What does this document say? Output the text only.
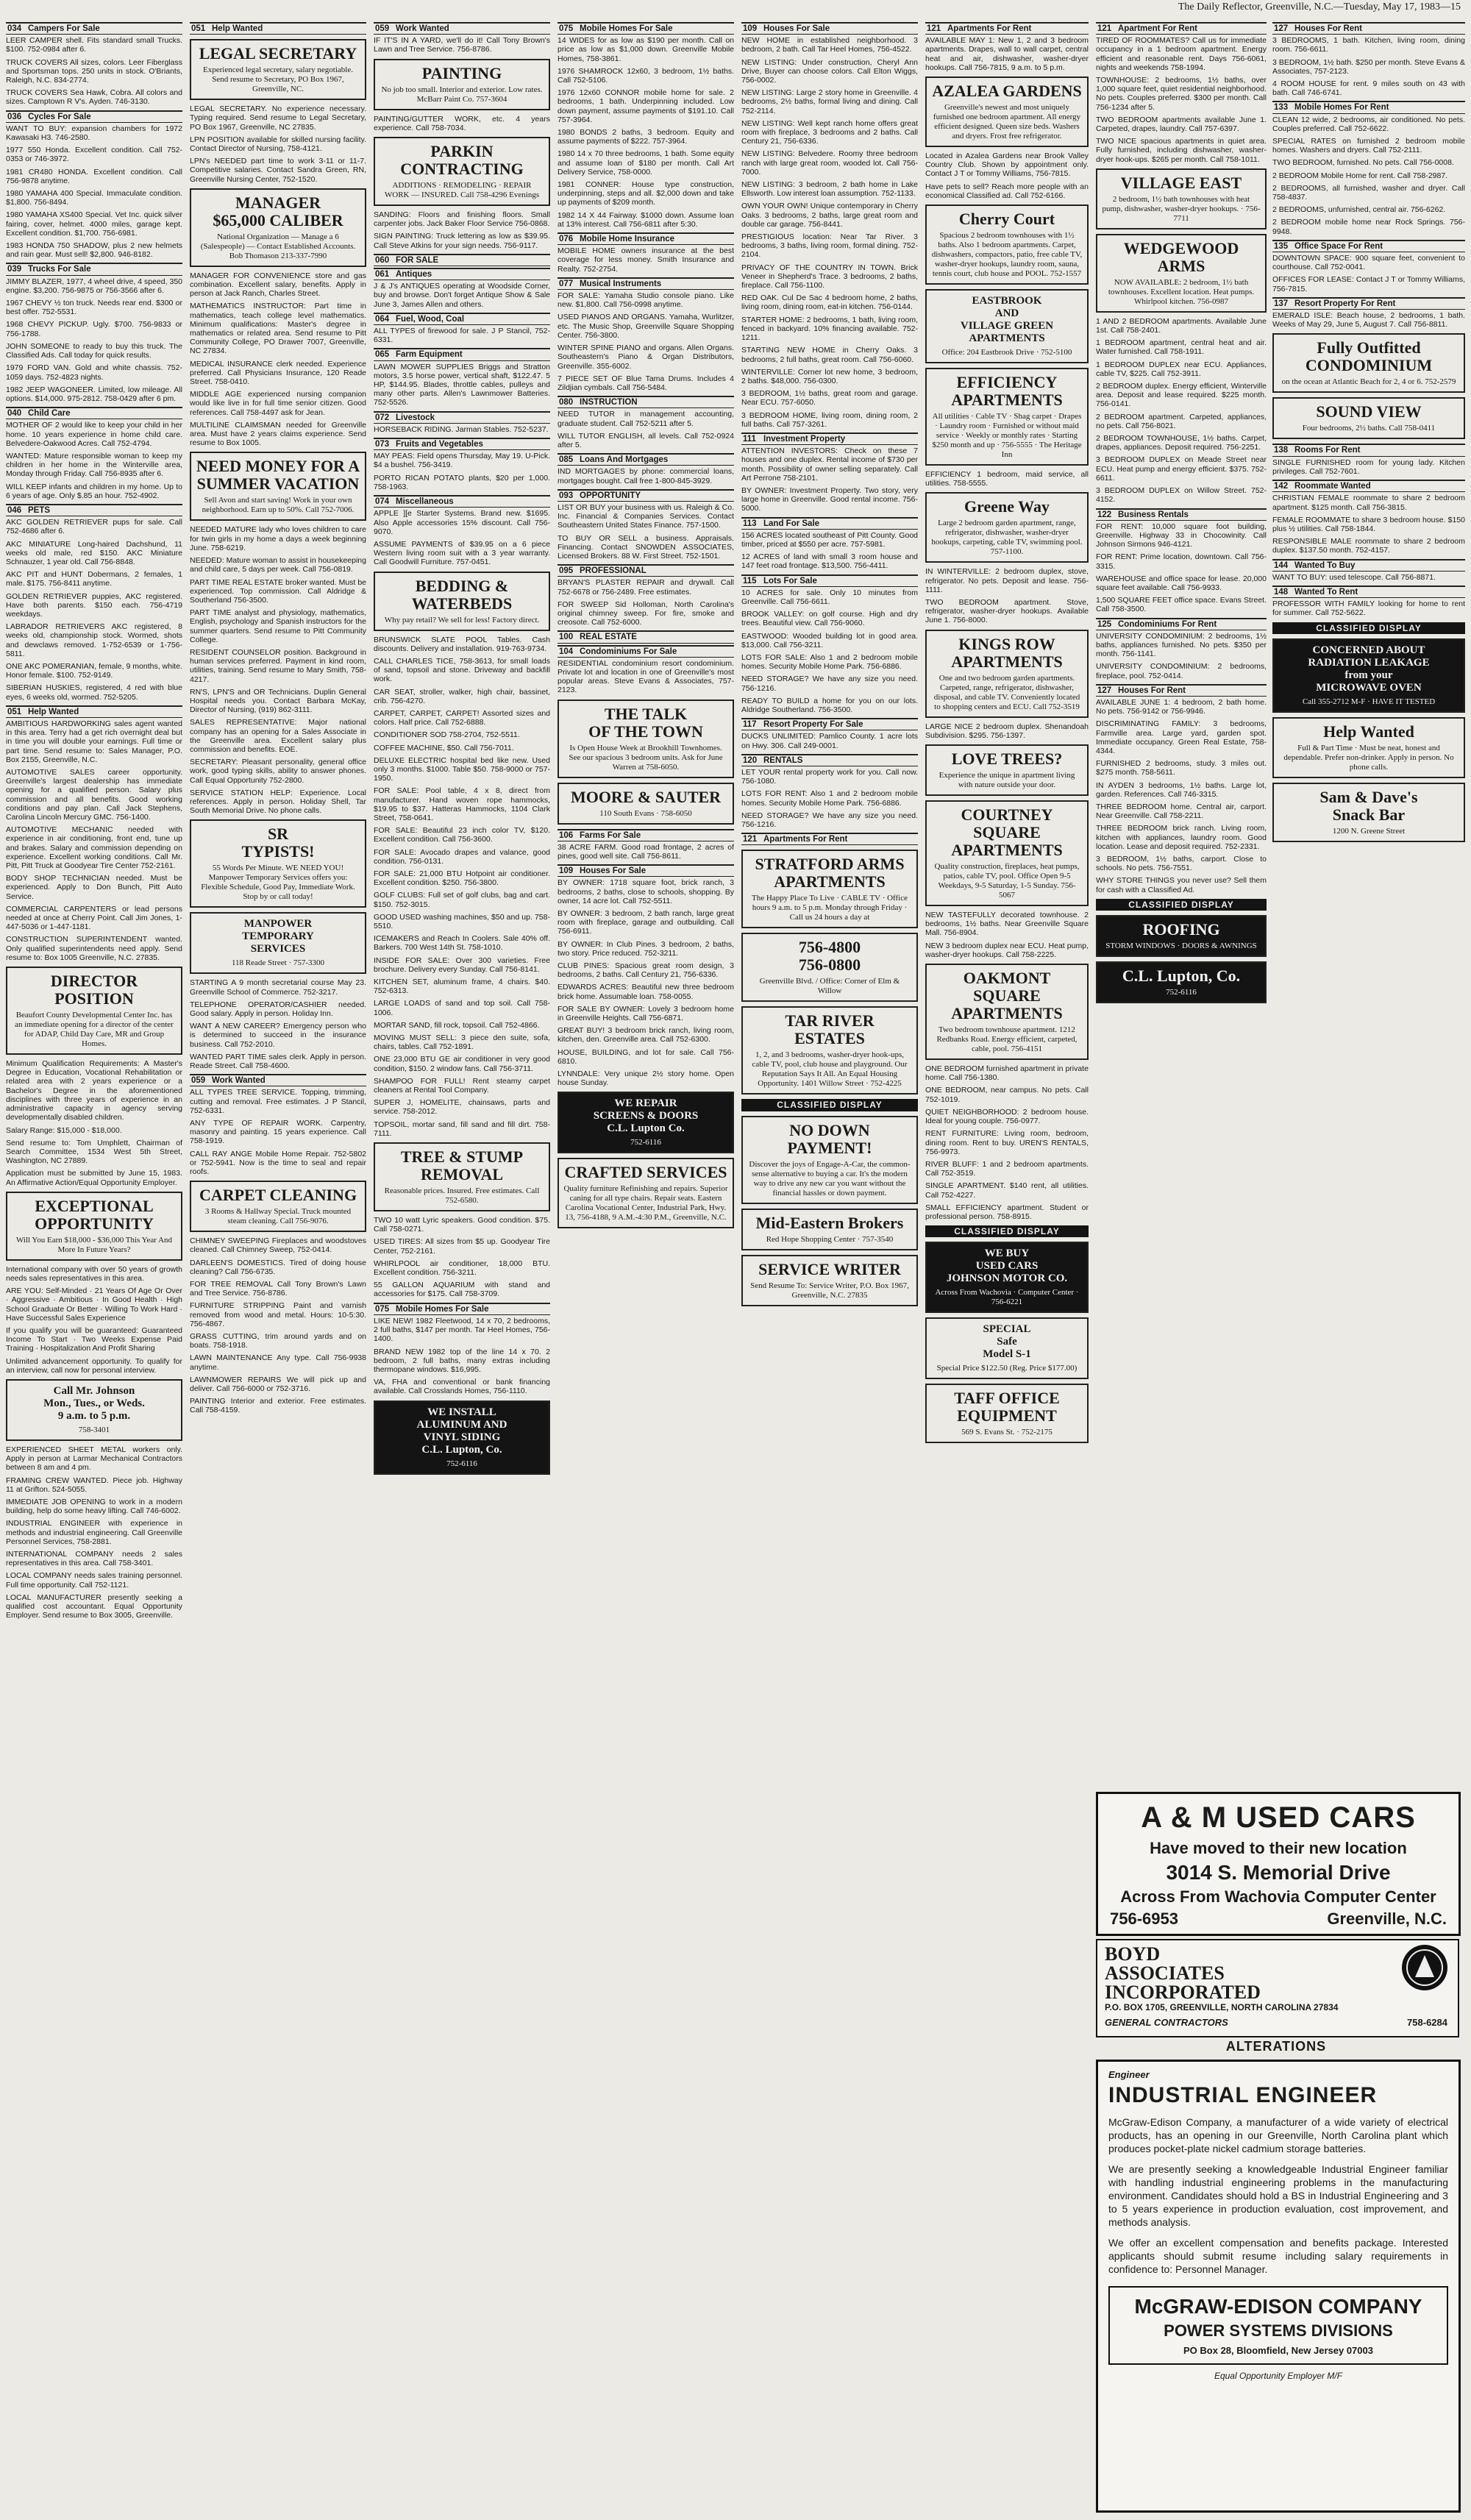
The Daily Reflector, Greenville, N.C.—Tuesday, May 17, 1983—15
034 Campers For Sale
LEER CAMPER shell. Fits standard small Trucks. $100. 752-0984 after 6.
TRUCK COVERS All sizes, colors. Leer Fiberglass and Sportsman tops. 250 units in stock. O'Briants, Raleigh, N.C. 834-2774.
TRUCK COVERS Sea Hawk, Cobra. All colors and sizes. Camptown R V's. Ayden. 746-3130.
036 Cycles For Sale
WANT TO BUY: expansion chambers for 1972 Kawasaki H3. 746-2580.
1977 550 Honda. Excellent condition. Call 752-0353 or 746-3972.
1981 CR480 HONDA. Excellent condition. Call 756-9878 anytime.
1980 YAMAHA 400 Special. Immaculate condition. $1,800. 756-8494.
1980 YAMAHA XS400 Special. Vet Inc. quick silver fairing, cover, helmet. 4000 miles, garage kept. Excellent condition. $1,700. 756-6981.
1983 HONDA 750 SHADOW, plus 2 new helmets and rain gear. Must sell! $2,800. 946-8182.
039 Trucks For Sale
JIMMY BLAZER, 1977, 4 wheel drive, 4 speed, 350 engine. $3,200. 756-9875 or 756-3566 after 6.
1967 CHEVY ½ ton truck. Needs rear end. $300 or best offer. 752-5531.
1968 CHEVY PICKUP. Ugly. $700. 756-9833 or 756-1788.
JOHN SOMEONE to ready to buy this truck. The Classified Ads. Call today for quick results.
1979 FORD VAN. Gold and white chassis. 752-1059 days. 752-4823 nights.
1982 JEEP WAGONEER. Limited, low mileage. All options. $14,000. 975-2812. 758-0429 after 6 pm.
040 Child Care
MOTHER OF 2 would like to keep your child in her home. 10 years experience in home child care. Belvedere-Oakwood Acres. Call 752-4794.
WANTED: Mature responsible woman to keep my children in her home in the Winterville area, Monday through Friday. Call 756-8935 after 6.
WILL KEEP infants and children in my home. Up to 6 years of age. Only $.85 an hour. 752-4902.
046 PETS
AKC GOLDEN RETRIEVER pups for sale. Call 752-4686 after 6.
AKC MINIATURE Long-haired Dachshund, 11 weeks old male, red $150. AKC Miniature Schnauzer, 1 year old. Call 756-8848.
AKC PIT and HUNT Dobermans, 2 females, 1 male. $175. 756-8411 anytime.
GOLDEN RETRIEVER puppies, AKC registered. Have both parents. $150 each. 756-4719 weekdays.
LABRADOR RETRIEVERS AKC registered, 8 weeks old, championship stock. Wormed, shots and dewclaws removed. 1-752-6539 or 1-756-5811.
ONE AKC POMERANIAN, female, 9 months, white. Honor female. $100. 752-9149.
SIBERIAN HUSKIES, registered, 4 red with blue eyes, 6 weeks old, wormed. 752-5205.
051 Help Wanted
AMBITIOUS HARDWORKING sales agent wanted in this area. Terry had a get rich overnight deal but in time you will double your earnings. Full time or part time. Send resume to: Sales Manager, P.O. Box 2155, Greenville, N.C.
AUTOMOTIVE SALES career opportunity. Greenville's largest dealership has immediate opening for a qualified person. Salary plus commission and all benefits. Good working conditions and pay plan. Call Jack Stephens, Carolina Lincoln Mercury GMC. 756-1400.
AUTOMOTIVE MECHANIC needed with experience in air conditioning, front end, tune up and brakes. Salary and commission depending on experience. Excellent working conditions. Call Mr. Pitt, Pitt Truck at Goodyear Tire Center 752-2161.
BODY SHOP TECHNICIAN needed. Must be experienced. Apply to Don Bunch, Pitt Auto Service.
COMMERCIAL CARPENTERS or lead persons needed at once at Cherry Point. Call Jim Jones, 1-447-5036 or 1-447-1181.
CONSTRUCTION SUPERINTENDENT wanted. Only qualified superintendents need apply. Send resume to: Box 1005 Greenville, N.C. 27835.
DIRECTOR POSITION
Beaufort County Developmental Center Inc. has an immediate opening for a director of the center for ADAP, Child Day Care, MR and Group Homes.
Minimum Qualification Requirements: A Master's Degree in Education, Vocational Rehabilitation or related area with 2 years experience or a Bachelor's Degree in the aforementioned disciplines with three years of experience in an administrative capacity in agency serving developmentally disabled children.
Salary Range: $15,000 - $18,000.
Send resume to: Tom Umphlett, Chairman of Search Committee, 1534 West 5th Street, Washington, NC 27889.
Application must be submitted by June 15, 1983. An Affirmative Action/Equal Opportunity Employer.
EXCEPTIONAL
OPPORTUNITY
Will You Earn $18,000 - $36,000 This Year And More In Future Years?
International company with over 50 years of growth needs sales representatives in this area.
ARE YOU: Self-Minded · 21 Years Of Age Or Over · Aggressive · Ambitious · In Good Health · High School Graduate Or Better · Willing To Work Hard · Have Successful Sales Experience
If you qualify you will be guaranteed: Guaranteed Income To Start · Two Weeks Expense Paid Training · Hospitalization And Profit Sharing
Unlimited advancement opportunity. To qualify for an interview, call now for personal interview.
Call Mr. Johnson
Mon., Tues., or Weds.
9 a.m. to 5 p.m.
758-3401
EXPERIENCED SHEET METAL workers only. Apply in person at Larmar Mechanical Contractors between 8 am and 4 pm.
FRAMING CREW WANTED. Piece job. Highway 11 at Grifton. 524-5055.
IMMEDIATE JOB OPENING to work in a modern building, help do some heavy lifting. Call 746-6002.
INDUSTRIAL ENGINEER with experience in methods and industrial engineering. Call Greenville Personnel Services, 758-2881.
INTERNATIONAL COMPANY needs 2 sales representatives in this area. Call 758-3401.
LOCAL COMPANY needs sales training personnel. Full time opportunity. Call 752-1121.
LOCAL MANUFACTURER presently seeking a qualified cost accountant. Equal Opportunity Employer. Send resume to Box 3005, Greenville.
051 Help Wanted
LEGAL SECRETARY
Experienced legal secretary, salary negotiable. Send resume to Secretary, PO Box 1967, Greenville, NC.
LEGAL SECRETARY. No experience necessary. Typing required. Send resume to Legal Secretary, PO Box 1967, Greenville, NC 27835.
LPN POSITION available for skilled nursing facility. Contact Director of Nursing, 758-4121.
LPN's NEEDED part time to work 3-11 or 11-7. Competitive salaries. Contact Sandra Green, RN, Greenville Nursing Center, 752-1520.
MANAGER
$65,000 CALIBER
National Organization — Manage a 6 (Salespeople) — Contact Established Accounts. Bob Thomason 213-337-7990
MANAGER FOR CONVENIENCE store and gas combination. Excellent salary, benefits. Apply in person at Jack Ranch, Charles Street.
MATHEMATICS INSTRUCTOR: Part time in mathematics, teach college level mathematics. Minimum qualifications: Master's degree in mathematics or related area. Send resume to Pitt Community College, PO Drawer 7007, Greenville, NC 27834.
MEDICAL INSURANCE clerk needed. Experience preferred. Call Physicians Insurance, 120 Reade Street. 758-0410.
MIDDLE AGE experienced nursing companion would like live in for full time senior citizen. Good references. Call 758-4497 ask for Jean.
MULTILINE CLAIMSMAN needed for Greenville area. Must have 2 years claims experience. Send resume to Box 1005.
NEED MONEY FOR A
SUMMER VACATION
Sell Avon and start saving! Work in your own neighborhood. Earn up to 50%. Call 752-7006.
NEEDED MATURE lady who loves children to care for twin girls in my home a days a week beginning June. 758-6219.
NEEDED: Mature woman to assist in housekeeping and child care, 5 days per week. Call 756-0819.
PART TIME REAL ESTATE broker wanted. Must be experienced. Top commission. Call Aldridge & Southerland 756-3500.
PART TIME analyst and physiology, mathematics, English, psychology and Spanish instructors for the summer quarters. Send resume to Pitt Community College.
RESIDENT COUNSELOR position. Background in human services preferred. Payment in kind room, utilities, training. Send resume to Mary Smith, 758-4217.
RN'S, LPN'S and OR Technicians. Duplin General Hospital needs you. Contact Barbara McKay, Director of Nursing, (919) 862-3111.
SALES REPRESENTATIVE: Major national company has an opening for a Sales Associate in the Greenville area. Excellent salary plus commission and benefits. EOE.
SECRETARY: Pleasant personality, general office work, good typing skills, ability to answer phones. Call Equal Opportunity 752-2800.
SERVICE STATION HELP: Experience. Local references. Apply in person. Holiday Shell, Tar South Memorial Drive. No phone calls.
SR
TYPISTS!
55 Words Per Minute. WE NEED YOU! Manpower Temporary Services offers you: Flexible Schedule, Good Pay, Immediate Work. Stop by or call today!
MANPOWER
TEMPORARY
SERVICES
118 Reade Street · 757-3300
STARTING A 9 month secretarial course May 23. Greenville School of Commerce. 752-3217.
TELEPHONE OPERATOR/CASHIER needed. Good salary. Apply in person. Holiday Inn.
WANT A NEW CAREER? Emergency person who is determined to succeed in the insurance business. Call 752-2010.
WANTED PART TIME sales clerk. Apply in person. Reade Street. Call 758-4600.
059 Work Wanted
ALL TYPES TREE SERVICE. Topping, trimming, cutting and removal. Free estimates. J P Stancil, 752-6331.
ANY TYPE OF REPAIR WORK. Carpentry, masonry and painting. 15 years experience. Call 758-1919.
CALL RAY ANGE Mobile Home Repair. 752-5802 or 752-5941. Now is the time to seal and repair roofs.
CARPET CLEANING
3 Rooms & Hallway Special. Truck mounted steam cleaning. Call 756-9076.
CHIMNEY SWEEPING Fireplaces and woodstoves cleaned. Call Chimney Sweep, 752-0414.
DARLEEN'S DOMESTICS. Tired of doing house cleaning? Call 756-6735.
FOR TREE REMOVAL Call Tony Brown's Lawn and Tree Service. 756-8786.
FURNITURE STRIPPING Paint and varnish removed from wood and metal. Hours: 10-5:30. 756-4867.
GRASS CUTTING, trim around yards and on boats. 758-1918.
LAWN MAINTENANCE Any type. Call 756-9938 anytime.
LAWNMOWER REPAIRS We will pick up and deliver. Call 756-6000 or 752-3716.
PAINTING Interior and exterior. Free estimates. Call 758-4159.
059 Work Wanted
IF IT'S IN A YARD, we'll do it! Call Tony Brown's Lawn and Tree Service. 756-8786.
PAINTING
No job too small. Interior and exterior. Low rates. McBarr Paint Co. 757-3604
PAINTING/GUTTER WORK, etc. 4 years experience. Call 758-7034.
PARKIN CONTRACTING
ADDITIONS · REMODELING · REPAIR WORK — INSURED. Call 758-4296 Evenings
SANDING: Floors and finishing floors. Small carpenter jobs. Jack Baker Floor Service 756-0868.
SIGN PAINTING: Truck lettering as low as $39.95. Call Steve Atkins for your sign needs. 756-9117.
060 FOR SALE
061 Antiques
J & J's ANTIQUES operating at Woodside Corner, buy and browse. Don't forget Antique Show & Sale June 3, James Allen and others.
064 Fuel, Wood, Coal
ALL TYPES of firewood for sale. J P Stancil, 752-6331.
065 Farm Equipment
LAWN MOWER SUPPLIES Briggs and Stratton motors, 3.5 horse power, vertical shaft, $122.47. 5 HP, $144.95. Blades, throttle cables, pulleys and many other parts. Allen's Lawnmower Batteries. 752-5526.
072 Livestock
HORSEBACK RIDING. Jarman Stables. 752-5237.
073 Fruits and Vegetables
MAY PEAS: Field opens Thursday, May 19. U-Pick. $4 a bushel. 756-3419.
PORTO RICAN POTATO plants, $20 per 1,000. 758-1963.
074 Miscellaneous
APPLE ][e Starter Systems. Brand new. $1695. Also Apple accessories 15% discount. Call 756-9070.
ASSUME PAYMENTS of $39.95 on a 6 piece Western living room suit with a 3 year warranty. Call Goodwill Furniture. 757-0451.
BEDDING & WATERBEDS
Why pay retail? We sell for less! Factory direct.
BRUNSWICK SLATE POOL Tables. Cash discounts. Delivery and installation. 919-763-9734.
CALL CHARLES TICE, 758-3613, for small loads of sand, topsoil and stone. Driveway and backfill work.
CAR SEAT, stroller, walker, high chair, bassinet, crib. 756-4270.
CARPET, CARPET, CARPET! Assorted sizes and colors. Half price. Call 752-6888.
CONDITIONER SOD 758-2704, 752-5511.
COFFEE MACHINE, $50. Call 756-7011.
DELUXE ELECTRIC hospital bed like new. Used only 3 months. $1000. Table $50. 758-9000 or 757-1950.
FOR SALE: Pool table, 4 x 8, direct from manufacturer. Hand woven rope hammocks, $19.95 to $37. Hatteras Hammocks, 1104 Clark Street, 758-0641.
FOR SALE: Beautiful 23 inch color TV, $120. Excellent condition. Call 756-3600.
FOR SALE: Avocado drapes and valance, good condition. 756-0131.
FOR SALE: 21,000 BTU Hotpoint air conditioner. Excellent condition. $250. 756-3800.
GOLF CLUBS: Full set of golf clubs, bag and cart. $150. 752-3015.
GOOD USED washing machines, $50 and up. 758-5510.
ICEMAKERS and Reach In Coolers. Sale 40% off. Barkers. 700 West 14th St. 758-1010.
INSIDE FOR SALE: Over 300 varieties. Free brochure. Delivery every Sunday. Call 756-8141.
KITCHEN SET, aluminum frame, 4 chairs. $40. 752-6313.
LARGE LOADS of sand and top soil. Call 758-1006.
MORTAR SAND, fill rock, topsoil. Call 752-4866.
MOVING MUST SELL: 3 piece den suite, sofa, chairs, tables. Call 752-1891.
ONE 23,000 BTU GE air conditioner in very good condition, $150. 2 window fans. Call 756-3711.
SHAMPOO FOR FULL! Rent steamy carpet cleaners at Rental Tool Company.
SUPER J, HOMELITE, chainsaws, parts and service. 758-2012.
TOPSOIL, mortar sand, fill sand and fill dirt. 758-7111.
TREE & STUMP REMOVAL
Reasonable prices. Insured. Free estimates. Call 752-6580.
TWO 10 watt Lyric speakers. Good condition. $75. Call 758-0271.
USED TIRES: All sizes from $5 up. Goodyear Tire Center, 752-2161.
WHIRLPOOL air conditioner, 18,000 BTU. Excellent condition. 756-3211.
55 GALLON AQUARIUM with stand and accessories for $175. Call 758-3709.
075 Mobile Homes For Sale
LIKE NEW! 1982 Fleetwood, 14 x 70, 2 bedrooms, 2 full baths, $147 per month. Tar Heel Homes, 756-1400.
BRAND NEW 1982 top of the line 14 x 70. 2 bedroom, 2 full baths, many extras including thermopane windows. $16,995.
VA, FHA and conventional or bank financing available. Call Crosslands Homes, 756-1110.
WE INSTALL
ALUMINUM AND
VINYL SIDING
C.L. Lupton, Co.
752-6116
075 Mobile Homes For Sale
14 WIDES for as low as $190 per month. Call on price as low as $1,000 down. Greenville Mobile Homes, 758-3861.
1976 SHAMROCK 12x60, 3 bedroom, 1½ baths. Call 752-5106.
1976 12x60 CONNOR mobile home for sale. 2 bedrooms, 1 bath. Underpinning included. Low down payment, assume payments of $191.10. Call 757-3964.
1980 BONDS 2 baths, 3 bedroom. Equity and assume payments of $222. 757-3964.
1980 14 x 70 three bedrooms, 1 bath. Some equity and assume loan of $180 per month. Call Art Delivery Service, 758-0000.
1981 CONNER: House type construction, underpinning, steps and all. $2,000 down and take up payments of $209 month.
1982 14 X 44 Fairway. $1000 down. Assume loan at 13% interest. Call 756-6811 after 5:30.
076 Mobile Home Insurance
MOBILE HOME owners insurance at the best coverage for less money. Smith Insurance and Realty. 752-2754.
077 Musical Instruments
FOR SALE: Yamaha Studio console piano. Like new. $1,800. Call 756-0998 anytime.
USED PIANOS AND ORGANS. Yamaha, Wurlitzer, etc. The Music Shop, Greenville Square Shopping Center. 756-3800.
WINTER SPINE PIANO and organs. Allen Organs. Southeastern's Piano & Organ Distributors, Greenville. 355-6002.
7 PIECE SET OF Blue Tama Drums. Includes 4 Zildjian cymbals. Call 756-5484.
080 INSTRUCTION
NEED TUTOR in management accounting, graduate student. Call 752-5211 after 5.
WILL TUTOR ENGLISH, all levels. Call 752-0924 after 5.
085 Loans And Mortgages
IND MORTGAGES by phone: commercial loans, mortgages bought. Call free 1-800-845-3929.
093 OPPORTUNITY
LIST OR BUY your business with us. Raleigh & Co. Inc. Financial & Companies Services. Contact Southeastern United States Finance. 757-1500.
TO BUY OR SELL a business. Appraisals. Financing. Contact SNOWDEN ASSOCIATES, Licensed Brokers. 88 W. First Street. 752-1501.
095 PROFESSIONAL
BRYAN'S PLASTER REPAIR and drywall. Call 752-6678 or 756-2489. Free estimates.
FOR SWEEP Sid Holloman, North Carolina's original chimney sweep. For fire, smoke and creosote. Call 752-6000.
100 REAL ESTATE
104 Condominiums For Sale
RESIDENTIAL condominium resort condominium. Private lot and location in one of Greenville's most popular areas. Steve Evans & Associates, 757-2123.
THE TALK
OF THE TOWN
Is Open House Week at Brookhill Townhomes. See our spacious 3 bedroom units. Ask for June Warren at 758-6050.
MOORE & SAUTER
110 South Evans · 758-6050
106 Farms For Sale
38 ACRE FARM. Good road frontage, 2 acres of pines, good well site. Call 756-8611.
109 Houses For Sale
BY OWNER: 1718 square foot, brick ranch, 3 bedrooms, 2 baths, close to schools, shopping. By owner, 14 acre lot. Call 752-5511.
BY OWNER: 3 bedroom, 2 bath ranch, large great room with fireplace, garage and outbuilding. Call 756-6911.
BY OWNER: In Club Pines. 3 bedroom, 2 baths, two story. Price reduced. 752-3211.
CLUB PINES: Spacious great room design, 3 bedrooms, 2 baths. Call Century 21, 756-6336.
EDWARDS ACRES: Beautiful new three bedroom brick home. Assumable loan. 758-0055.
FOR SALE BY OWNER: Lovely 3 bedroom home in Greenville Heights. Call 756-6871.
GREAT BUY! 3 bedroom brick ranch, living room, kitchen, den. Greenville area. Call 752-6300.
HOUSE, BUILDING, and lot for sale. Call 756-6810.
LYNNDALE: Very unique 2½ story home. Open house Sunday.
WE REPAIR
SCREENS & DOORS
C.L. Lupton Co.
752-6116
CRAFTED SERVICES
Quality furniture Refinishing and repairs. Superior caning for all type chairs. Repair seats. Eastern Carolina Vocational Center, Industrial Park, Hwy. 13, 756-4188, 9 A.M.-4:30 P.M., Greenville, N.C.
109 Houses For Sale
NEW HOME in established neighborhood. 3 bedroom, 2 bath. Call Tar Heel Homes, 756-4522.
NEW LISTING: Under construction, Cheryl Ann Drive, Buyer can choose colors. Call Elton Wiggs, 756-0002.
NEW LISTING: Large 2 story home in Greenville. 4 bedrooms, 2½ baths, formal living and dining. Call 752-2114.
NEW LISTING: Well kept ranch home offers great room with fireplace, 3 bedrooms and 2 baths. Call Century 21, 756-6336.
NEW LISTING: Belvedere. Roomy three bedroom ranch with large great room, wooded lot. Call 756-7000.
NEW LISTING: 3 bedroom, 2 bath home in Lake Ellsworth. Low interest loan assumption. 752-1133.
OWN YOUR OWN! Unique contemporary in Cherry Oaks. 3 bedrooms, 2 baths, large great room and double car garage. 756-8441.
PRESTIGIOUS location: Near Tar River. 3 bedrooms, 3 baths, living room, formal dining. 752-2104.
PRIVACY OF THE COUNTRY IN TOWN. Brick Veneer in Shepherd's Trace. 3 bedrooms, 2 baths, fireplace. Call 756-1100.
RED OAK. Cul De Sac 4 bedroom home, 2 baths, living room, dining room, eat-in kitchen. 756-0144.
STARTER HOME: 2 bedrooms, 1 bath, living room, fenced in backyard. 10% financing available. 752-1211.
STARTING NEW HOME in Cherry Oaks. 3 bedrooms, 2 full baths, great room. Call 756-6060.
WINTERVILLE: Corner lot new home, 3 bedroom, 2 baths. $48,000. 756-0300.
3 BEDROOM, 1½ baths, great room and garage. Near ECU. 757-6050.
3 BEDROOM HOME, living room, dining room, 2 full baths. Call 757-3261.
111 Investment Property
ATTENTION INVESTORS: Check on these 7 houses and one duplex. Rental income of $730 per month. Possibility of owner selling separately. Call Art Perrone 758-2101.
BY OWNER: Investment Property. Two story, very large home in Greenville. Good rental income. 756-5000.
113 Land For Sale
156 ACRES located southeast of Pitt County. Good timber, priced at $550 per acre. 757-5981.
12 ACRES of land with small 3 room house and 147 feet road frontage. $13,500. 756-4411.
115 Lots For Sale
10 ACRES for sale. Only 10 minutes from Greenville. Call 756-6611.
BROOK VALLEY: on golf course. High and dry trees. Beautiful view. Call 756-9060.
EASTWOOD: Wooded building lot in good area. $13,000. Call 756-3211.
LOTS FOR SALE: Also 1 and 2 bedroom mobile homes. Security Mobile Home Park. 756-6886.
NEED STORAGE? We have any size you need. 756-1216.
READY TO BUILD a home for you on our lots. Aldridge Southerland. 756-3500.
117 Resort Property For Sale
DUCKS UNLIMITED: Pamlico County. 1 acre lots on Hwy. 306. Call 249-0001.
120 RENTALS
LET YOUR rental property work for you. Call now. 756-1080.
LOTS FOR RENT: Also 1 and 2 bedroom mobile homes. Security Mobile Home Park. 756-6886.
NEED STORAGE? We have any size you need. 756-1216.
121 Apartments For Rent
STRATFORD ARMS
APARTMENTS
The Happy Place To Live · CABLE TV · Office hours 9 a.m. to 5 p.m. Monday through Friday · Call us 24 hours a day at
756-4800
756-0800
Greenville Blvd. / Office: Corner of Elm & Willow
TAR RIVER
ESTATES
1, 2, and 3 bedrooms, washer-dryer hook-ups, cable TV, pool, club house and playground. Our Reputation Says It All. An Equal Housing Opportunity. 1401 Willow Street · 752-4225
CLASSIFIED DISPLAY
NO DOWN PAYMENT!
Discover the joys of Engage-A-Car, the common-sense alternative to buying a car. It's the modern way to drive any new car you want without the financial hassles or down payment.
Mid-Eastern Brokers
Red Hope Shopping Center · 757-3540
SERVICE WRITER
Send Resume To: Service Writer, P.O. Box 1967, Greenville, N.C. 27835
121 Apartments For Rent
AVAILABLE MAY 1: New 1, 2 and 3 bedroom apartments. Drapes, wall to wall carpet, central heat and air, dishwasher, washer-dryer hookups. Call 756-7815, 9 a.m. to 5 p.m.
AZALEA GARDENS
Greenville's newest and most uniquely furnished one bedroom apartment. All energy efficient designed. Queen size beds. Washers and dryers. Frost free refrigerator.
Located in Azalea Gardens near Brook Valley Country Club. Shown by appointment only. Contact J T or Tommy Williams, 756-7815.
Have pets to sell? Reach more people with an economical Classified ad. Call 752-6166.
Cherry Court
Spacious 2 bedroom townhouses with 1½ baths. Also 1 bedroom apartments. Carpet, dishwashers, compactors, patio, free cable TV, washer-dryer hookups, laundry room, sauna, tennis court, club house and POOL. 752-1557
EASTBROOK
AND
VILLAGE GREEN
APARTMENTS
Office: 204 Eastbrook Drive · 752-5100
EFFICIENCY APARTMENTS
All utilities · Cable TV · Shag carpet · Drapes · Laundry room · Furnished or without maid service · Weekly or monthly rates · Starting $250 month and up · 756-5555 · The Heritage Inn
EFFICIENCY 1 bedroom, maid service, all utilities. 758-5555.
Greene Way
Large 2 bedroom garden apartment, range, refrigerator, dishwasher, washer-dryer hookups, carpeting, cable TV, swimming pool. 757-1100.
IN WINTERVILLE: 2 bedroom duplex, stove, refrigerator. No pets. Deposit and lease. 756-1111.
TWO BEDROOM apartment. Stove, refrigerator, washer-dryer hookups. Available June 1. 756-8000.
KINGS ROW
APARTMENTS
One and two bedroom garden apartments. Carpeted, range, refrigerator, dishwasher, disposal, and cable TV. Conveniently located to shopping centers and ECU. Call 752-3519
LARGE NICE 2 bedroom duplex. Shenandoah Subdivision. $295. 756-1397.
LOVE TREES?
Experience the unique in apartment living with nature outside your door.
COURTNEY SQUARE
APARTMENTS
Quality construction, fireplaces, heat pumps, patios, cable TV, pool. Office Open 9-5 Weekdays, 9-5 Saturday, 1-5 Sunday. 756-5067
NEW TASTEFULLY decorated townhouse. 2 bedrooms, 1½ baths. Near Greenville Square Mall. 756-8904.
NEW 3 bedroom duplex near ECU. Heat pump, washer-dryer hookups. Call 758-2225.
OAKMONT SQUARE
APARTMENTS
Two bedroom townhouse apartment. 1212 Redbanks Road. Energy efficient, carpeted, cable, pool. 756-4151
ONE BEDROOM furnished apartment in private home. Call 756-1380.
ONE BEDROOM, near campus. No pets. Call 752-1019.
QUIET NEIGHBORHOOD: 2 bedroom house. Ideal for young couple. 756-0977.
RENT FURNITURE: Living room, bedroom, dining room. Rent to buy. UREN'S RENTALS, 756-9973.
RIVER BLUFF: 1 and 2 bedroom apartments. Call 752-3519.
SINGLE APARTMENT. $140 rent, all utilities. Call 752-4227.
SMALL EFFICIENCY apartment. Student or professional person. 758-8915.
CLASSIFIED DISPLAY
WE BUY
USED CARS
JOHNSON MOTOR CO.
Across From Wachovia · Computer Center · 756-6221
SPECIAL
Safe
Model S-1
Special Price $122.50 (Reg. Price $177.00)
TAFF OFFICE
EQUIPMENT
569 S. Evans St. · 752-2175
121 Apartment For Rent
TIRED OF ROOMMATES? Call us for immediate occupancy in a 1 bedroom apartment. Energy efficient and reasonable rent. Days 756-6061, nights and weekends 758-1994.
TOWNHOUSE: 2 bedrooms, 1½ baths, over 1,000 square feet, quiet residential neighborhood. No pets. Couples preferred. $300 per month. Call 756-1234 after 5.
TWO BEDROOM apartments available June 1. Carpeted, drapes, laundry. Call 757-6397.
TWO NICE spacious apartments in quiet area. Fully furnished, including dishwasher, washer-dryer hook-ups. $265 per month. Call 758-1011.
VILLAGE EAST
2 bedroom, 1½ bath townhouses with heat pump, dishwasher, washer-dryer hookups. · 756-7711
WEDGEWOOD ARMS
NOW AVAILABLE: 2 bedroom, 1½ bath townhouses. Excellent location. Heat pumps. Whirlpool kitchen. 756-0987
1 AND 2 BEDROOM apartments. Available June 1st. Call 758-2401.
1 BEDROOM apartment, central heat and air. Water furnished. Call 758-1911.
1 BEDROOM DUPLEX near ECU. Appliances, cable TV, $225. Call 752-3911.
2 BEDROOM duplex. Energy efficient, Winterville area. Deposit and lease required. $225 month. 756-0141.
2 BEDROOM apartment. Carpeted, appliances, no pets. Call 756-8021.
2 BEDROOM TOWNHOUSE, 1½ baths. Carpet, drapes, appliances. Deposit required. 756-2251.
3 BEDROOM DUPLEX on Meade Street near ECU. Heat pump and energy efficient. $375. 752-6611.
3 BEDROOM DUPLEX on Willow Street. 752-4152.
122 Business Rentals
FOR RENT: 10,000 square foot building, Greenville. Highway 33 in Chocowinity. Call Johnson Sirmons 946-4121.
FOR RENT: Prime location, downtown. Call 756-3315.
WAREHOUSE and office space for lease. 20,000 square feet available. Call 756-9933.
1,500 SQUARE FEET office space. Evans Street. Call 758-3500.
125 Condominiums For Rent
UNIVERSITY CONDOMINIUM: 2 bedrooms, 1½ baths, appliances furnished. No pets. $350 per month. 756-1141.
UNIVERSITY CONDOMINIUM: 2 bedrooms, fireplace, pool. 752-0414.
127 Houses For Rent
AVAILABLE JUNE 1: 4 bedroom, 2 bath home. No pets. 756-9142 or 756-9946.
DISCRIMINATING FAMILY: 3 bedrooms, Farmville area. Large yard, garden spot. Immediate occupancy. Green Real Estate, 758-4344.
FURNISHED 2 bedrooms, study. 3 miles out. $275 month. 758-5611.
IN AYDEN 3 bedrooms, 1½ baths. Large lot, garden. References. Call 746-3315.
THREE BEDROOM home. Central air, carport. Near Greenville. Call 758-2211.
THREE BEDROOM brick ranch. Living room, kitchen with appliances, laundry room. Good location. Lease and deposit required. 752-2331.
3 BEDROOM, 1½ baths, carport. Close to schools. No pets. 756-7551.
WHY STORE THINGS you never use? Sell them for cash with a Classified Ad.
CLASSIFIED DISPLAY
ROOFING
STORM WINDOWS · DOORS & AWNINGS
C.L. Lupton, Co.
752-6116
127 Houses For Rent
3 BEDROOMS, 1 bath. Kitchen, living room, dining room. 756-6611.
3 BEDROOM, 1½ bath. $250 per month. Steve Evans & Associates, 757-2123.
4 ROOM HOUSE for rent. 9 miles south on 43 with bath. Call 746-6741.
133 Mobile Homes For Rent
CLEAN 12 wide, 2 bedrooms, air conditioned. No pets. Couples preferred. Call 752-6622.
SPECIAL RATES on furnished 2 bedroom mobile homes. Washers and dryers. Call 752-2111.
TWO BEDROOM, furnished. No pets. Call 756-0008.
2 BEDROOM Mobile Home for rent. Call 758-2987.
2 BEDROOMS, all furnished, washer and dryer. Call 758-4837.
2 BEDROOMS, unfurnished, central air. 756-6262.
2 BEDROOM mobile home near Rock Springs. 756-9948.
135 Office Space For Rent
DOWNTOWN SPACE: 900 square feet, convenient to courthouse. Call 752-0041.
OFFICES FOR LEASE: Contact J T or Tommy Williams, 756-7815.
137 Resort Property For Rent
EMERALD ISLE: Beach house, 2 bedrooms, 1 bath. Weeks of May 29, June 5, August 7. Call 756-8811.
Fully Outfitted
CONDOMINIUM
on the ocean at Atlantic Beach for 2, 4 or 6. 752-2579
SOUND VIEW
Four bedrooms, 2½ baths. Call 758-0411
138 Rooms For Rent
SINGLE FURNISHED room for young lady. Kitchen privileges. Call 752-7601.
142 Roommate Wanted
CHRISTIAN FEMALE roommate to share 2 bedroom apartment. $125 month. Call 756-3815.
FEMALE ROOMMATE to share 3 bedroom house. $150 plus ½ utilities. Call 758-1844.
RESPONSIBLE MALE roommate to share 2 bedroom duplex. $137.50 month. 752-4157.
144 Wanted To Buy
WANT TO BUY: used telescope. Call 756-8871.
148 Wanted To Rent
PROFESSOR WITH FAMILY looking for home to rent for summer. Call 752-5622.
CLASSIFIED DISPLAY
CONCERNED ABOUT
RADIATION LEAKAGE
from your
MICROWAVE OVEN
Call 355-2712 M-F · HAVE IT TESTED
Help Wanted
Full & Part Time · Must be neat, honest and dependable. Prefer non-drinker. Apply in person. No phone calls.
Sam & Dave's
Snack Bar
1200 N. Greene Street
A & M USED CARS
Have moved to their new location
3014 S. Memorial Drive
Across From Wachovia Computer Center
756-6953	Greenville, N.C.
BOYD
ASSOCIATES
INCORPORATED
P.O. BOX 1705, GREENVILLE, NORTH CAROLINA 27834
GENERAL CONTRACTORS	758-6284
ALTERATIONS
Engineer
INDUSTRIAL ENGINEER
McGraw-Edison Company, a manufacturer of a wide variety of electrical products, has an opening in our Greenville, North Carolina plant which produces pocket-plate nickel cadmium storage batteries.
We are presently seeking a knowledgeable Industrial Engineer familiar with handling industrial engineering problems in the manufacturing environment. Candidates should hold a BS in Industrial Engineering and 3 to 5 years experience in production evaluation, cost improvement, and methods analysis.
We offer an excellent compensation and benefits package. Interested applicants should submit resume including salary requirements in confidence to: Personnel Manager.
McGRAW-EDISON COMPANY
POWER SYSTEMS DIVISIONS
PO Box 28, Bloomfield, New Jersey 07003
Equal Opportunity Employer M/F
